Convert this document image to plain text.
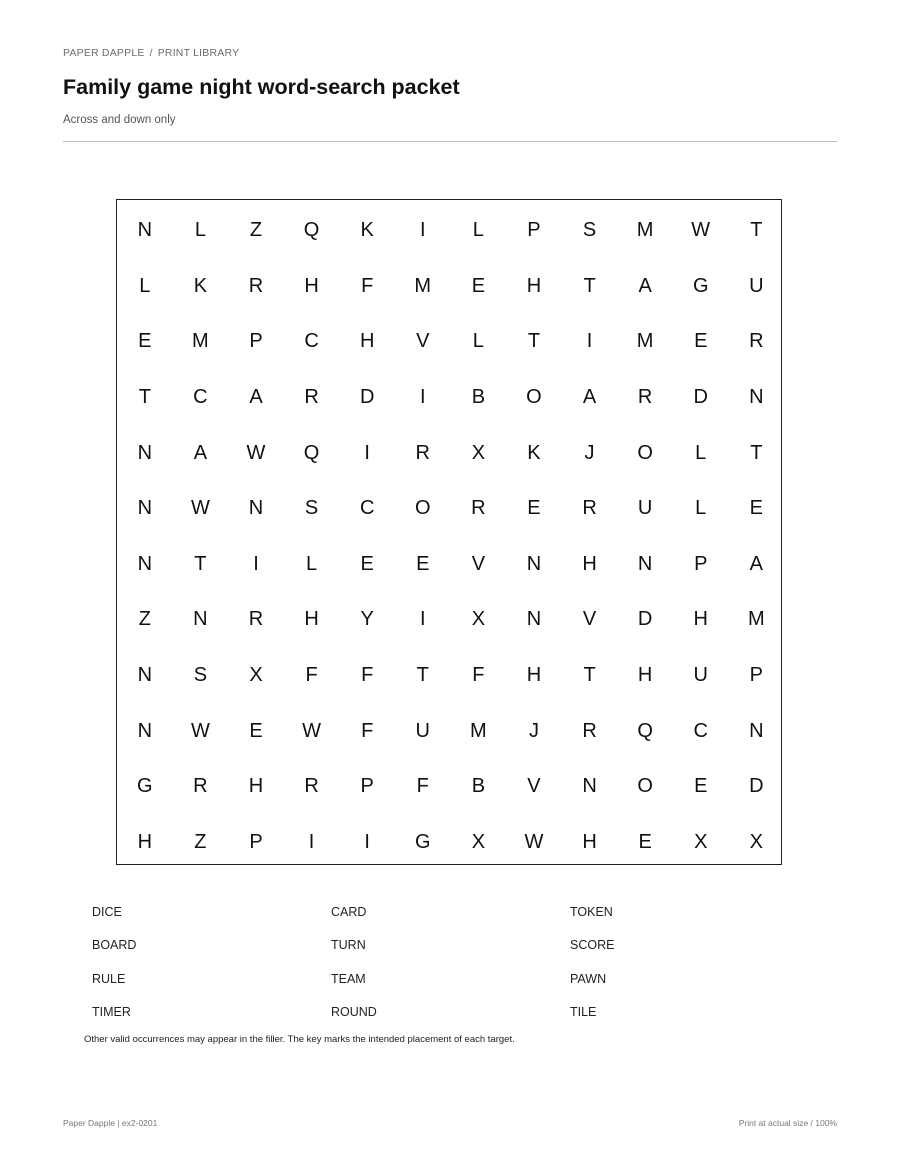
PAPER DAPPLE / PRINT LIBRARY
Family game night word-search packet
Across and down only
N	L	Z	Q	K	I	L	P	S	M	W	T
L	K	R	H	F	M	E	H	T	A	G	U
E	M	P	C	H	V	L	T	I	M	E	R
T	C	A	R	D	I	B	O	A	R	D	N
N	A	W	Q	I	R	X	K	J	O	L	T
N	W	N	S	C	O	R	E	R	U	L	E
N	T	I	L	E	E	V	N	H	N	P	A
Z	N	R	H	Y	I	X	N	V	D	H	M
N	S	X	F	F	T	F	H	T	H	U	P
N	W	E	W	F	U	M	J	R	Q	C	N
G	R	H	R	P	F	B	V	N	O	E	D
H	Z	P	I	I	G	X	W	H	E	X	X
DICE	CARD	TOKEN
BOARD	TURN	SCORE
RULE	TEAM	PAWN
TIMER	ROUND	TILE
Other valid occurrences may appear in the filler. The key marks the intended placement of each target.
Paper Dapple | ex2-0201	Print at actual size / 100%
